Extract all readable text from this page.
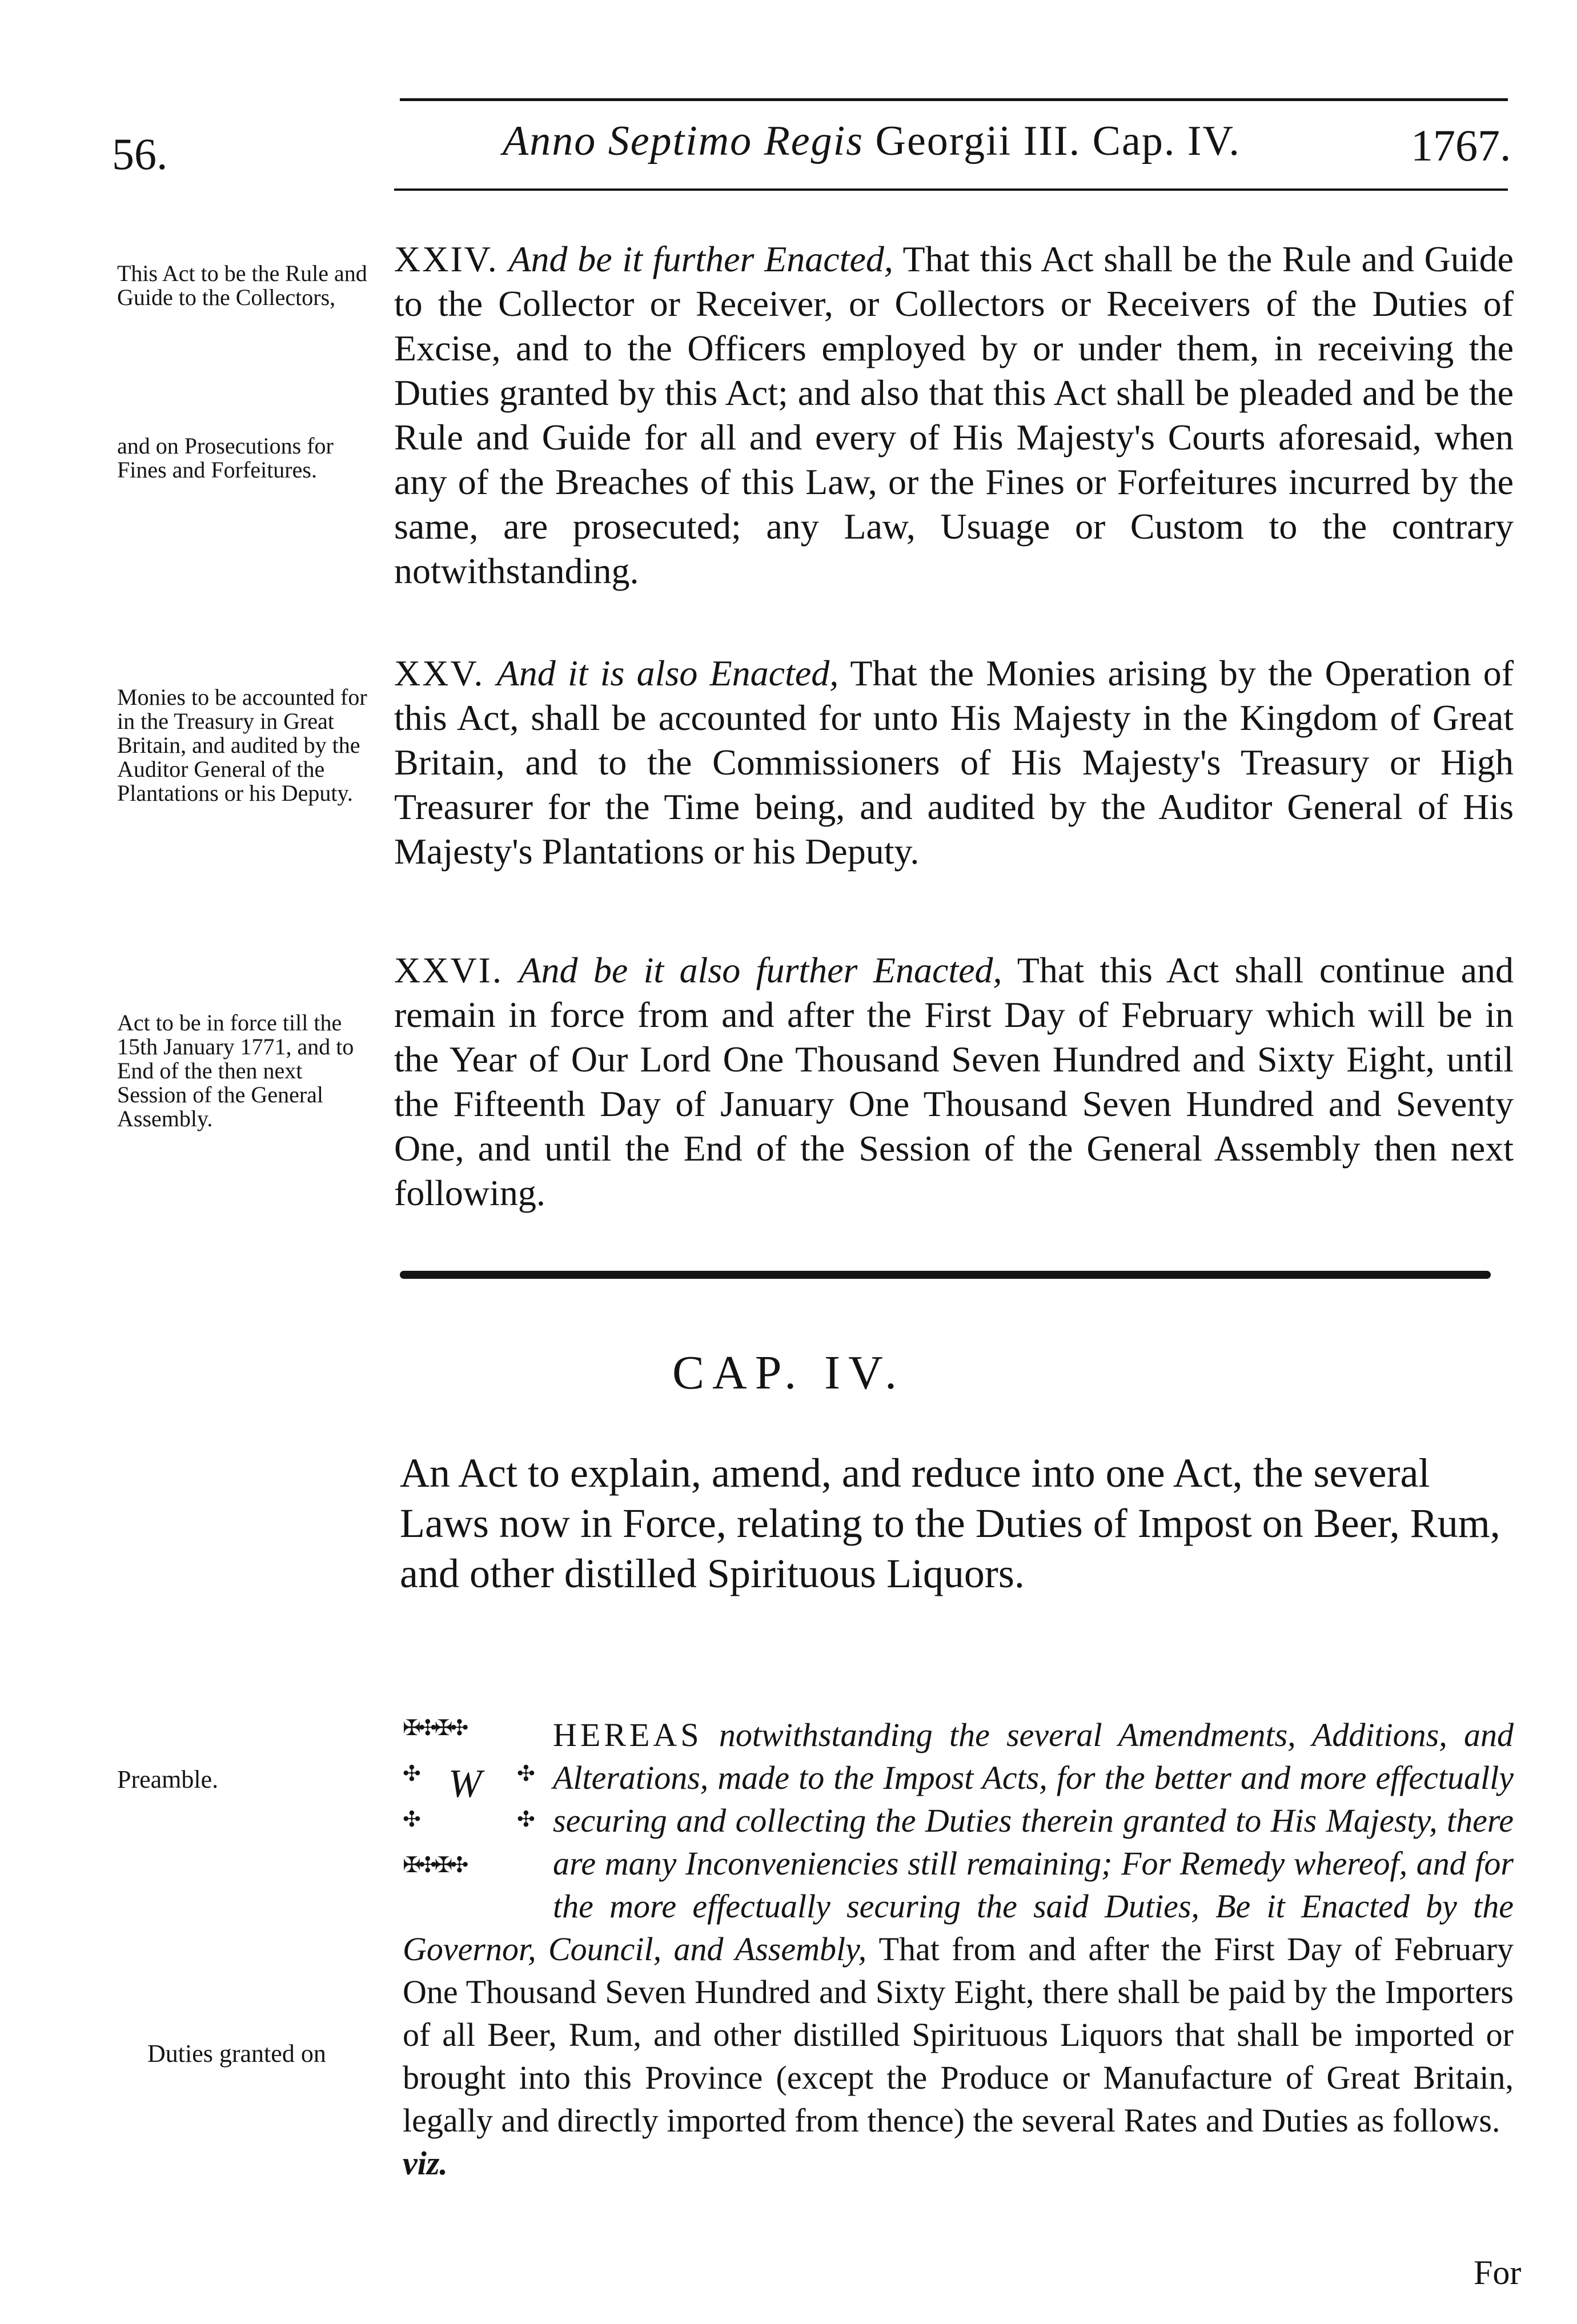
56.	Anno Septimo Regis Georgii III. Cap. IV.	1767.
This Act to be the Rule and Guide to the Collectors,
and on Prosecutions for Fines and Forfeitures.
XXIV. And be it further Enacted, That this Act shall be the Rule and Guide to the Collector or Receiver, or Collectors or Receivers of the Duties of Excise, and to the Officers employed by or under them, in receiving the Duties granted by this Act; and also that this Act shall be pleaded and be the Rule and Guide for all and every of His Majesty's Courts aforesaid, when any of the Breaches of this Law, or the Fines or Forfeitures incurred by the same, are prosecuted; any Law, Usuage or Custom to the contrary notwithstanding.
Monies to be accounted for in the Treasury in Great Britain, and audited by the Auditor General of the Plantations or his Deputy.
XXV. And it is also Enacted, That the Monies arising by the Operation of this Act, shall be accounted for unto His Majesty in the Kingdom of Great Britain, and to the Commissioners of His Majesty's Treasury or High Treasurer for the Time being, and audited by the Auditor General of His Majesty's Plantations or his Deputy.
Act to be in force till the 15th January 1771, and to End of the then next Session of the General Assembly.
XXVI. And be it also further Enacted, That this Act shall continue and remain in force from and after the First Day of February which will be in the Year of Our Lord One Thousand Seven Hundred and Sixty Eight, until the Fifteenth Day of January One Thousand Seven Hundred and Seventy One, and until the End of the Session of the General Assembly then next following.
CAP. IV.
An Act to explain, amend, and reduce into one Act, the several Laws now in Force, relating to the Duties of Impost on Beer, Rum, and other distilled Spirituous Liquors.
Preamble.
Duties granted on
✠✣✠✣
✣	✣
✣	✣
✠✣✠✣
W
HEREAS notwithstanding the several Amendments, Additions, and Alterations, made to the Impost Acts, for the better and more effectually securing and collecting the Duties therein granted to His Majesty, there are many Inconveniencies still remaining; For Remedy whereof, and for the more effectually securing the said Duties, Be it Enacted by the Governor, Council, and Assembly, That from and after the First Day of February One Thousand Seven Hundred and Sixty Eight, there shall be paid by the Importers of all Beer, Rum, and other distilled Spirituous Liquors that shall be imported or brought into this Province (except the Produce or Manufacture of Great Britain, legally and directly imported from thence) the several Rates and Duties as follows.
viz.
For
